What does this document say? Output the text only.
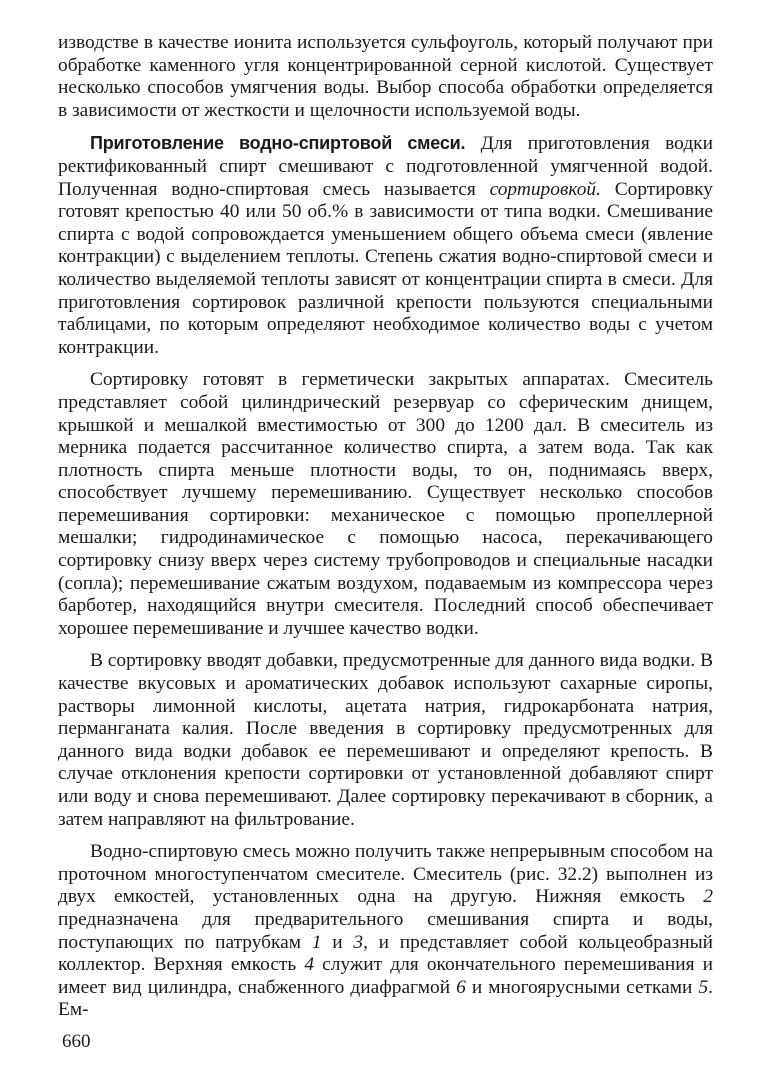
изводстве в качестве ионита используется сульфоуголь, который получают при обработке каменного угля концентрированной серной кислотой. Существует несколько способов умягчения воды. Выбор способа обработки определяется в зависимости от жесткости и щелочности используемой воды.

Приготовление водно-спиртовой смеси. Для приготовления водки ректификованный спирт смешивают с подготовленной умягченной водой. Полученная водно-спиртовая смесь называется сортировкой. Сортировку готовят крепостью 40 или 50 об.% в зависимости от типа водки. Смешивание спирта с водой сопровождается уменьшением общего объема смеси (явление контракции) с выделением теплоты. Степень сжатия водно-спиртовой смеси и количество выделяемой теплоты зависят от концентрации спирта в смеси. Для приготовления сортировок различной крепости пользуются специальными таблицами, по которым определяют необходимое количество воды с учетом контракции.

Сортировку готовят в герметически закрытых аппаратах. Смеситель представляет собой цилиндрический резервуар со сферическим днищем, крышкой и мешалкой вместимостью от 300 до 1200 дал. В смеситель из мерника подается рассчитанное количество спирта, а затем вода. Так как плотность спирта меньше плотности воды, то он, поднимаясь вверх, способствует лучшему перемешиванию. Существует несколько способов перемешивания сортировки: механическое с помощью пропеллерной мешалки; гидродинамическое с помощью насоса, перекачивающего сортировку снизу вверх через систему трубопроводов и специальные насадки (сопла); перемешивание сжатым воздухом, подаваемым из компрессора через барботер, находящийся внутри смесителя. Последний способ обеспечивает хорошее перемешивание и лучшее качество водки.

В сортировку вводят добавки, предусмотренные для данного вида водки. В качестве вкусовых и ароматических добавок используют сахарные сиропы, растворы лимонной кислоты, ацетата натрия, гидрокарбоната натрия, перманганата калия. После введения в сортировку предусмотренных для данного вида водки добавок ее перемешивают и определяют крепость. В случае отклонения крепости сортировки от установленной добавляют спирт или воду и снова перемешивают. Далее сортировку перекачивают в сборник, а затем направляют на фильтрование.

Водно-спиртовую смесь можно получить также непрерывным способом на проточном многоступенчатом смесителе. Смеситель (рис. 32.2) выполнен из двух емкостей, установленных одна на другую. Нижняя емкость 2 предназначена для предварительного смешивания спирта и воды, поступающих по патрубкам 1 и 3, и представляет собой кольцеобразный коллектор. Верхняя емкость 4 служит для окончательного перемешивания и имеет вид цилиндра, снабженного диафрагмой 6 и многоярусными сетками 5. Ем-

660
